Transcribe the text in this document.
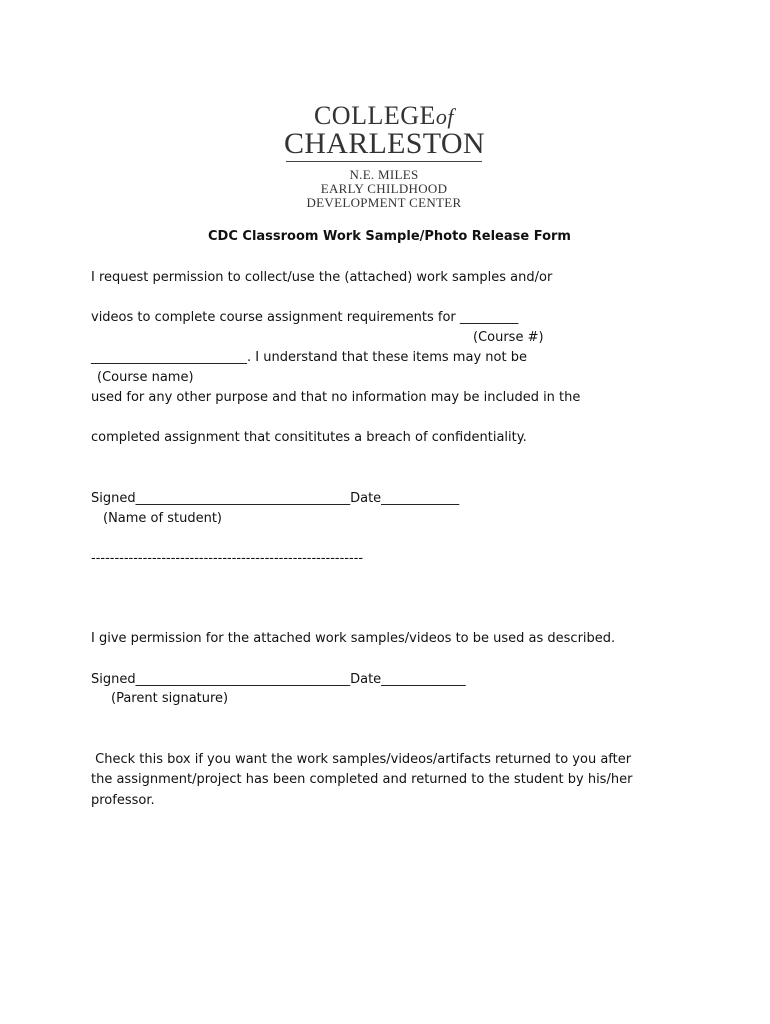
COLLEGEof
CHARLESTON
N.E. MILES
EARLY CHILDHOOD
DEVELOPMENT CENTER
CDC Classroom Work Sample/Photo Release Form
I request permission to collect/use the (attached) work samples and/or
videos to complete course assignment requirements for _________
(Course #)
________________________. I understand that these items may not be
(Course name)
used for any other purpose and that no information may be included in the
completed assignment that consititutes a breach of confidentiality.
Signed_________________________________Date____________
(Name of student)
----------------------------------------------------------
I give permission for the attached work samples/videos to be used as described.
Signed_________________________________Date_____________
(Parent signature)
Check this box if you want the work samples/videos/artifacts returned to you after
the assignment/project has been completed and returned to the student by his/her
professor.
